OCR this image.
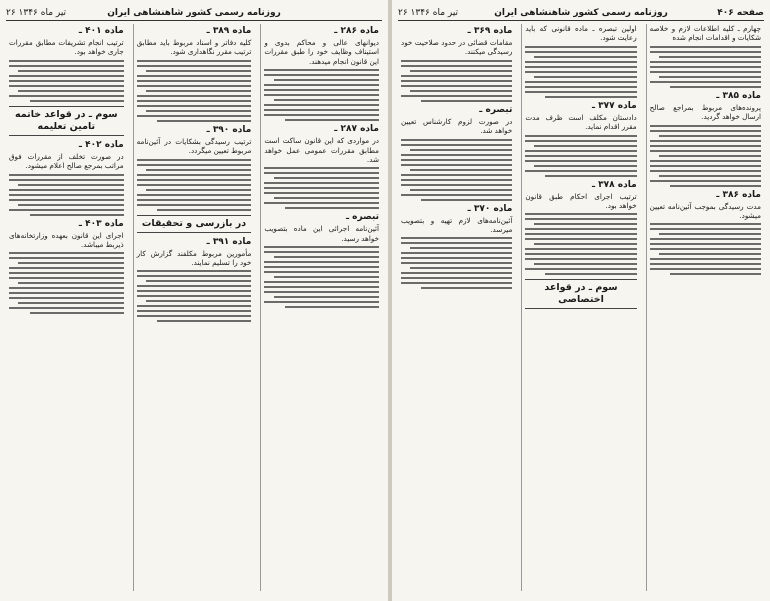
روزنامه رسمی کشور شاهنشاهی ایران
۲۶ تیر ماه ۱۳۴۶
ماده ۲۸۶ ـ
دیوانهای عالی و محاکم بدوی و استیناف وظایف خود را طبق مقررات این قانون انجام میدهند.
ماده ۲۸۷ ـ
در مواردی که این قانون ساکت است مطابق مقررات عمومی عمل خواهد شد.
تبصره ـ
آئین‌نامه اجرائی این ماده بتصویب خواهد رسید.
ماده ۳۸۹ ـ
کلیه دفاتر و اسناد مربوط باید مطابق ترتیب مقرر نگاهداری شود.
ماده ۳۹۰ ـ
ترتیب رسیدگی بشکایات در آئین‌نامه مربوط تعیین میگردد.
در بازرسی و تحقیقات
ماده ۳۹۱ ـ
مأمورین مربوط مکلفند گزارش کار خود را تسلیم نمایند.
ماده ۴۰۱ ـ
ترتیب انجام تشریفات مطابق مقررات جاری خواهد بود.
سوم ـ در قواعد خاتمه تامین تعلیمه
ماده ۴۰۲ ـ
در صورت تخلف از مقررات فوق مراتب بمرجع صالح اعلام میشود.
ماده ۴۰۳ ـ
اجرای این قانون بعهده وزارتخانه‌های ذیربط میباشد.
صفحه ۴۰۶
روزنامه رسمی کشور شاهنشاهی ایران
۲۶ تیر ماه ۱۳۴۶
چهارم ـ کلیه اطلاعات لازم و خلاصه شکایات و اقدامات انجام شده
ماده ۳۸۵ ـ
پرونده‌های مربوط بمراجع صالح ارسال خواهد گردید.
ماده ۳۸۶ ـ
مدت رسیدگی بموجب آئین‌نامه تعیین میشود.
اولین تبصره ـ ماده قانونی که باید رعایت شود.
ماده ۳۷۷ ـ
دادستان مکلف است ظرف مدت مقرر اقدام نماید.
ماده ۳۷۸ ـ
ترتیب اجرای احکام طبق قانون خواهد بود.
سوم ـ در قواعد اختصاصی
ماده ۳۶۹ ـ
مقامات قضائی در حدود صلاحیت خود رسیدگی میکنند.
تبصره ـ
در صورت لزوم کارشناس تعیین خواهد شد.
ماده ۳۷۰ ـ
آئین‌نامه‌های لازم تهیه و بتصویب میرسد.
